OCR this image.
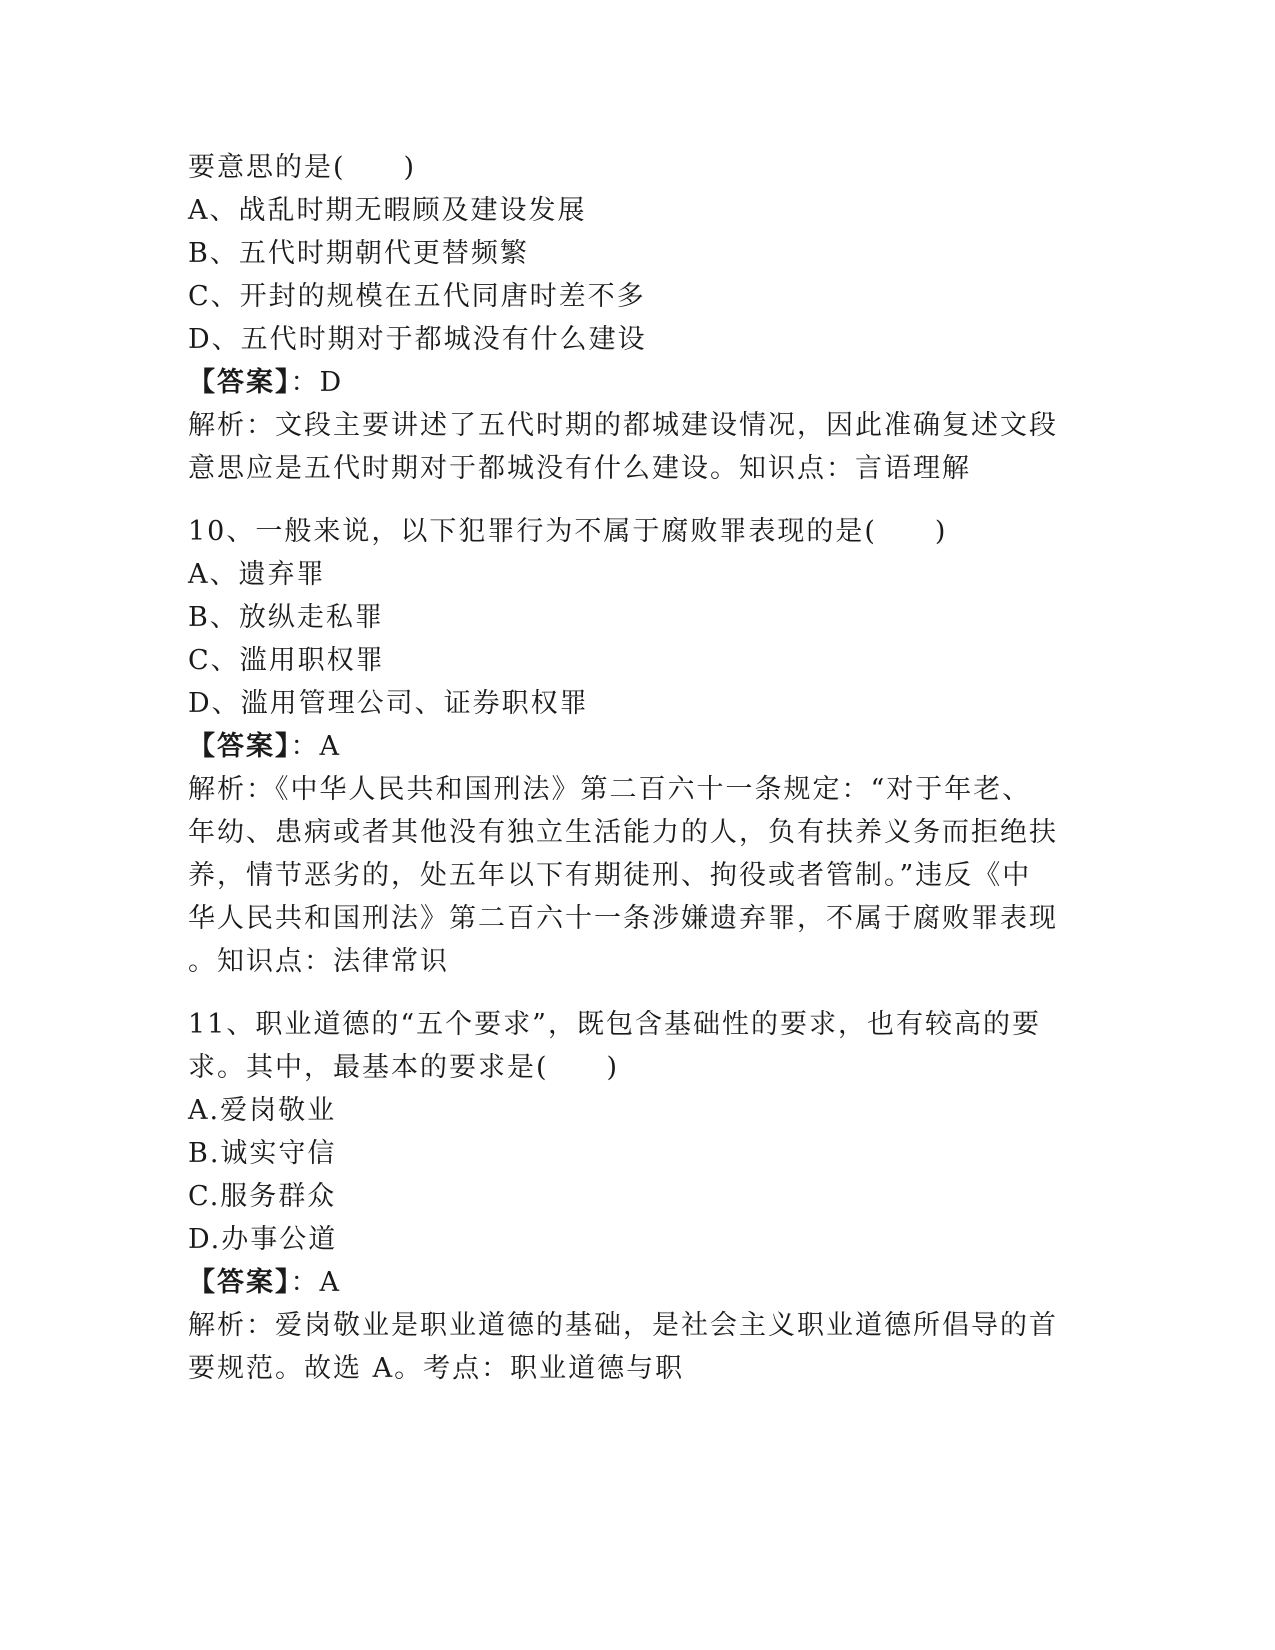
要意思的是(　　)
A、战乱时期无暇顾及建设发展
B、五代时期朝代更替频繁
C、开封的规模在五代同唐时差不多
D、五代时期对于都城没有什么建设
【答案】：D
解析：文段主要讲述了五代时期的都城建设情况，因此准确复述文段
意思应是五代时期对于都城没有什么建设。知识点：言语理解
10、一般来说，以下犯罪行为不属于腐败罪表现的是(　　)
A、遗弃罪
B、放纵走私罪
C、滥用职权罪
D、滥用管理公司、证券职权罪
【答案】：A
解析：《中华人民共和国刑法》第二百六十一条规定：“对于年老、
年幼、患病或者其他没有独立生活能力的人，负有扶养义务而拒绝扶
养，情节恶劣的，处五年以下有期徒刑、拘役或者管制。”违反《中
华人民共和国刑法》第二百六十一条涉嫌遗弃罪，不属于腐败罪表现
。知识点：法律常识
11、职业道德的“五个要求”，既包含基础性的要求，也有较高的要
求。其中，最基本的要求是(　　)
A.爱岗敬业
B.诚实守信
C.服务群众
D.办事公道
【答案】：A
解析：爱岗敬业是职业道德的基础，是社会主义职业道德所倡导的首
要规范。故选 A。考点：职业道德与职
